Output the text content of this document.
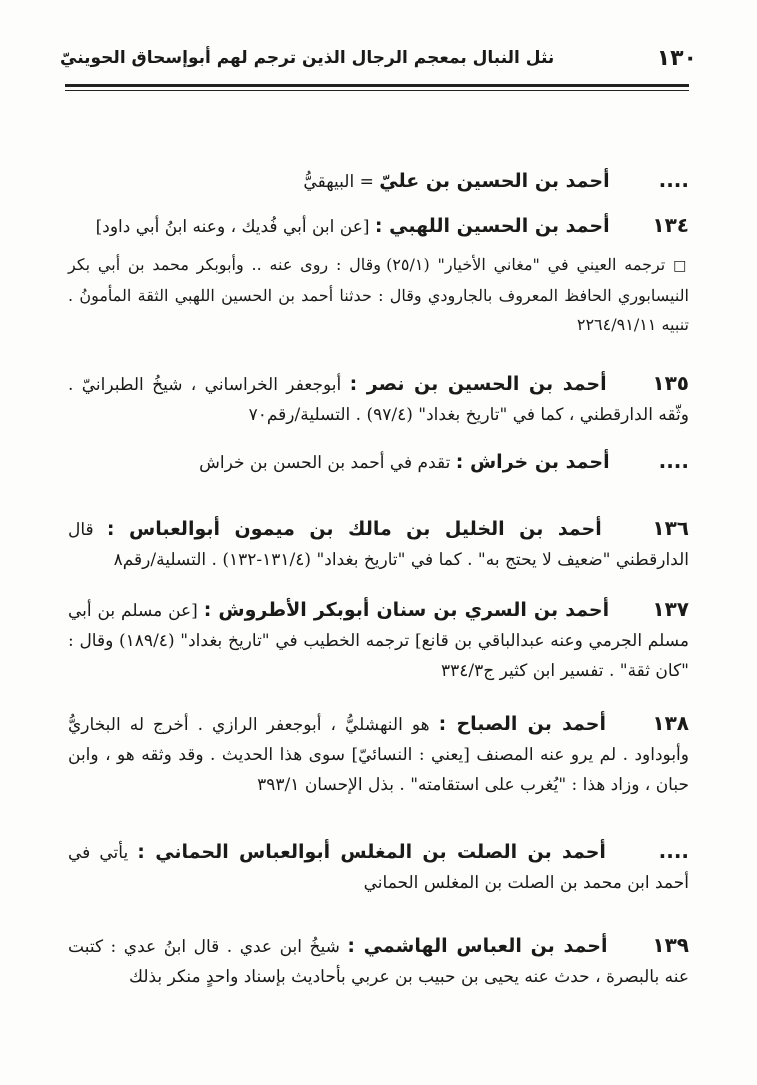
١٣٠
نثل النبال بمعجم الرجال الذين ترجم لهم أبوإسحاق الحوينيّ

.... أحمد بن الحسين بن عليّ = البيهقيُّ

١٣٤ أحمد بن الحسين اللهبي : [عن ابن أبي فُديك ، وعنه ابنُ أبي داود]

□ ترجمه العيني في "مغاني الأخيار" (٢٥/١) وقال : روى عنه .. وأبوبكر محمد بن أبي بكر النيسابوري الحافظ المعروف بالجارودي وقال : حدثنا أحمد بن الحسين اللهبي الثقة المأمونُ . تنبيه ٢٢٦٤/٩١/١١

١٣٥ أحمد بن الحسين بن نصر : أبوجعفر الخراساني ، شيخُ الطبرانيّ . وثّقه الدارقطني ، كما في "تاريخ بغداد" (٩٧/٤) . التسلية/رقم٧٠

.... أحمد بن خراش : تقدم في أحمد بن الحسن بن خراش

١٣٦ أحمد بن الخليل بن مالك بن ميمون أبوالعباس : قال الدارقطني "ضعيف لا يحتج به" . كما في "تاريخ بغداد" (١٣١/٤-١٣٢) . التسلية/رقم٨

١٣٧ أحمد بن السري بن سنان أبوبكر الأطروش : [عن مسلم بن أبي مسلم الجرمي وعنه عبدالباقي بن قانع] ترجمه الخطيب في "تاريخ بغداد" (١٨٩/٤) وقال : "كان ثقة" . تفسير ابن كثير ج٣٣٤/٣

١٣٨ أحمد بن الصباح : هو النهشليُّ ، أبوجعفر الرازي . أخرج له البخاريُّ وأبوداود . لم يرو عنه المصنف [يعني : النسائيّ] سوى هذا الحديث . وقد وثقه هو ، وابن حبان ، وزاد هذا : "يُغرب على استقامته" . بذل الإحسان ٣٩٣/١

.... أحمد بن الصلت بن المغلس أبوالعباس الحماني : يأتي في أحمد ابن محمد بن الصلت بن المغلس الحماني

١٣٩ أحمد بن العباس الهاشمي : شيخُ ابن عدي . قال ابنُ عدي : كتبت عنه بالبصرة ، حدث عنه يحيى بن حبيب بن عربي بأحاديث بإسناد واحدٍ منكر بذلك
